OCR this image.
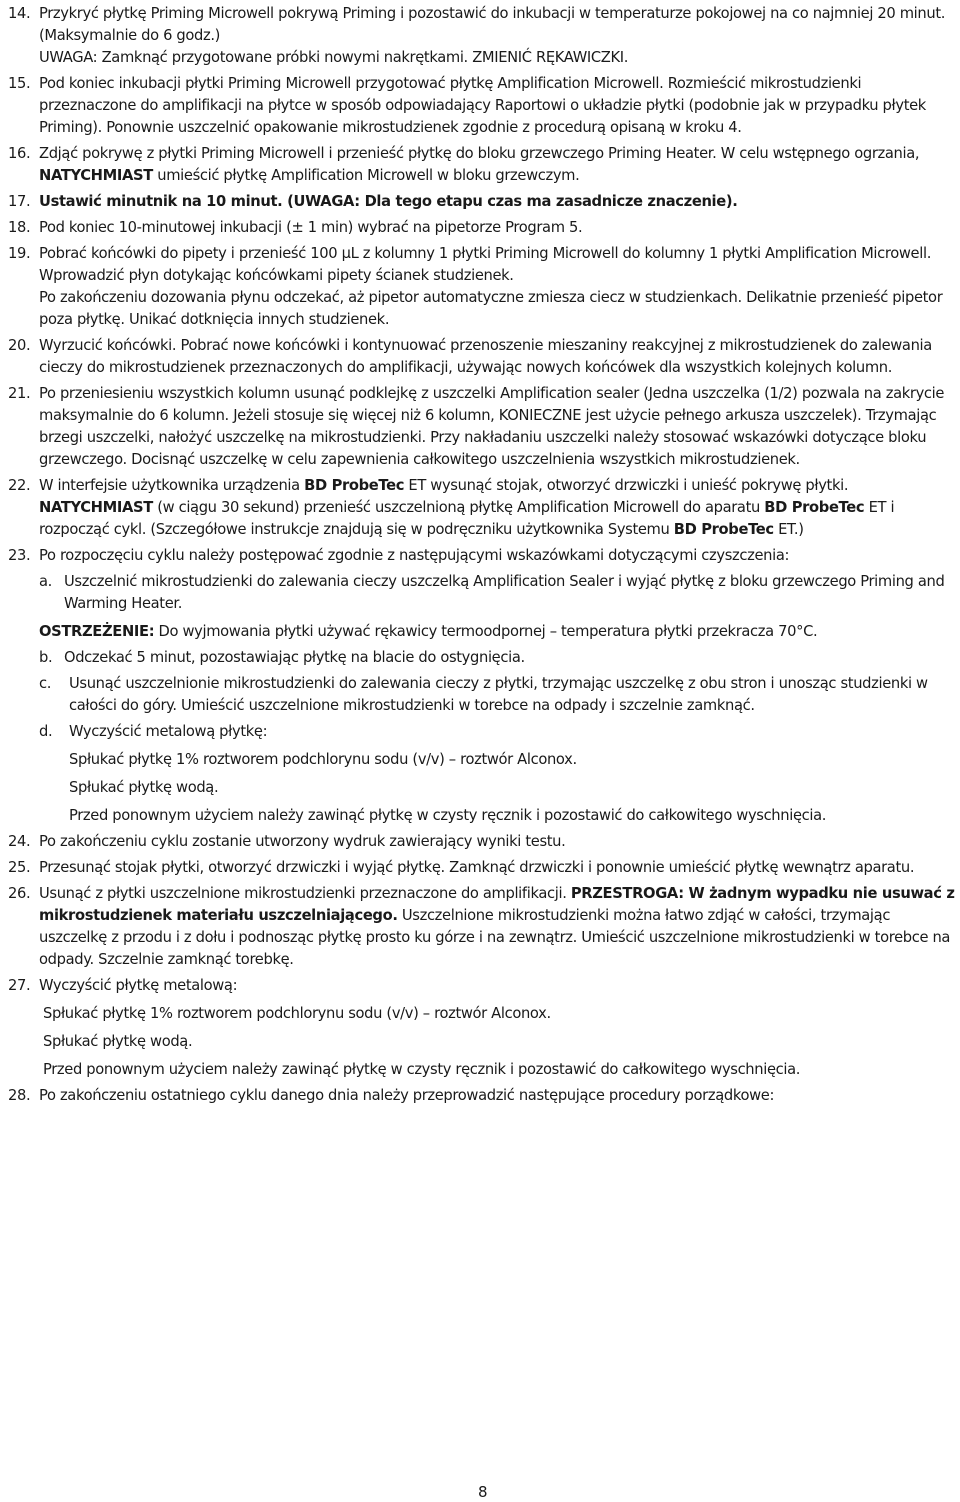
14. Przykryć płytkę Priming Microwell pokrywą Priming i pozostawić do inkubacji w temperaturze pokojowej na co najmniej 20 minut. (Maksymalnie do 6 godz.)
UWAGA: Zamknąć przygotowane próbki nowymi nakrętkami. ZMIENIĆ RĘKAWICZKI.
15. Pod koniec inkubacji płytki Priming Microwell przygotować płytkę Amplification Microwell. Rozmieścić mikrostudzienki przeznaczone do amplifikacji na płytce w sposób odpowiadający Raportowi o układzie płytki (podobnie jak w przypadku płytek Priming). Ponownie uszczelnić opakowanie mikrostudzienek zgodnie z procedurą opisaną w kroku 4.
16. Zdjąć pokrywę z płytki Priming Microwell i przenieść płytkę do bloku grzewczego Priming Heater. W celu wstępnego ogrzania, NATYCHMIAST umieścić płytkę Amplification Microwell w bloku grzewczym.
17. Ustawić minutnik na 10 minut. (UWAGA: Dla tego etapu czas ma zasadnicze znaczenie).
18. Pod koniec 10-minutowej inkubacji (± 1 min) wybrać na pipetorze Program 5.
19. Pobrać końcówki do pipety i przenieść 100 µL z kolumny 1 płytki Priming Microwell do kolumny 1 płytki Amplification Microwell. Wprowadzić płyn dotykając końcówkami pipety ścianek studzienek.
Po zakończeniu dozowania płynu odczekać, aż pipetor automatyczne zmiesza ciecz w studzienkach. Delikatnie przenieść pipetor poza płytkę. Unikać dotknięcia innych studzienek.
20. Wyrzucić końcówki. Pobrać nowe końcówki i kontynuować przenoszenie mieszaniny reakcyjnej z mikrostudzienek do zalewania cieczy do mikrostudzienek przeznaczonych do amplifikacji, używając nowych końcówek dla wszystkich kolejnych kolumn.
21. Po przeniesieniu wszystkich kolumn usunąć podklejkę z uszczelki Amplification sealer (Jedna uszczelka (1/2) pozwala na zakrycie maksymalnie do 6 kolumn. Jeżeli stosuje się więcej niż 6 kolumn, KONIECZNE jest użycie pełnego arkusza uszczelek). Trzymając brzegi uszczelki, nałożyć uszczelkę na mikrostudzienki. Przy nakładaniu uszczelki należy stosować wskazówki dotyczące bloku grzewczego. Docisnąć uszczelkę w celu zapewnienia całkowitego uszczelnienia wszystkich mikrostudzienek.
22. W interfejsie użytkownika urządzenia BD ProbeTec ET wysunąć stojak, otworzyć drzwiczki i unieść pokrywę płytki. NATYCHMIAST (w ciągu 30 sekund) przenieść uszczelnioną płytkę Amplification Microwell do aparatu BD ProbeTec ET i rozpocząć cykl. (Szczegółowe instrukcje znajdują się w podręczniku użytkownika Systemu BD ProbeTec ET.)
23. Po rozpoczęciu cyklu należy postępować zgodnie z następującymi wskazówkami dotyczącymi czyszczenia:
a. Uszczelnić mikrostudzienki do zalewania cieczy uszczelką Amplification Sealer i wyjąć płytkę z bloku grzewczego Priming and Warming Heater.
OSTRZEŻENIE: Do wyjmowania płytki używać rękawicy termoodpornej – temperatura płytki przekracza 70°C.
b. Odczekać 5 minut, pozostawiając płytkę na blacie do ostygnięcia.
c. Usunąć uszczelnionie mikrostudzienki do zalewania cieczy z płytki, trzymając uszczelkę z obu stron i unosząc studzienki w całości do góry. Umieścić uszczelnione mikrostudzienki w torebce na odpady i szczelnie zamknąć.
d. Wyczyścić metalową płytkę:
Spłukać płytkę 1% roztworem podchlorynu sodu (v/v) – roztwór Alconox.
Spłukać płytkę wodą.
Przed ponownym użyciem należy zawinąć płytkę w czysty ręcznik i pozostawić do całkowitego wyschnięcia.
24. Po zakończeniu cyklu zostanie utworzony wydruk zawierający wyniki testu.
25. Przesunąć stojak płytki, otworzyć drzwiczki i wyjąć płytkę. Zamknąć drzwiczki i ponownie umieścić płytkę wewnątrz aparatu.
26. Usunąć z płytki uszczelnione mikrostudzienki przeznaczone do amplifikacji. PRZESTROGA: W żadnym wypadku nie usuwać z mikrostudzienek materiału uszczelniającego. Uszczelnione mikrostudzienki można łatwo zdjąć w całości, trzymając uszczelkę z przodu i z dołu i podnosząc płytkę prosto ku górze i na zewnątrz. Umieścić uszczelnione mikrostudzienki w torebce na odpady. Szczelnie zamknąć torebkę.
27. Wyczyścić płytkę metalową:
Spłukać płytkę 1% roztworem podchlorynu sodu (v/v) – roztwór Alconox.
Spłukać płytkę wodą.
Przed ponownym użyciem należy zawinąć płytkę w czysty ręcznik i pozostawić do całkowitego wyschnięcia.
28. Po zakończeniu ostatniego cyklu danego dnia należy przeprowadzić następujące procedury porządkowe:
8
